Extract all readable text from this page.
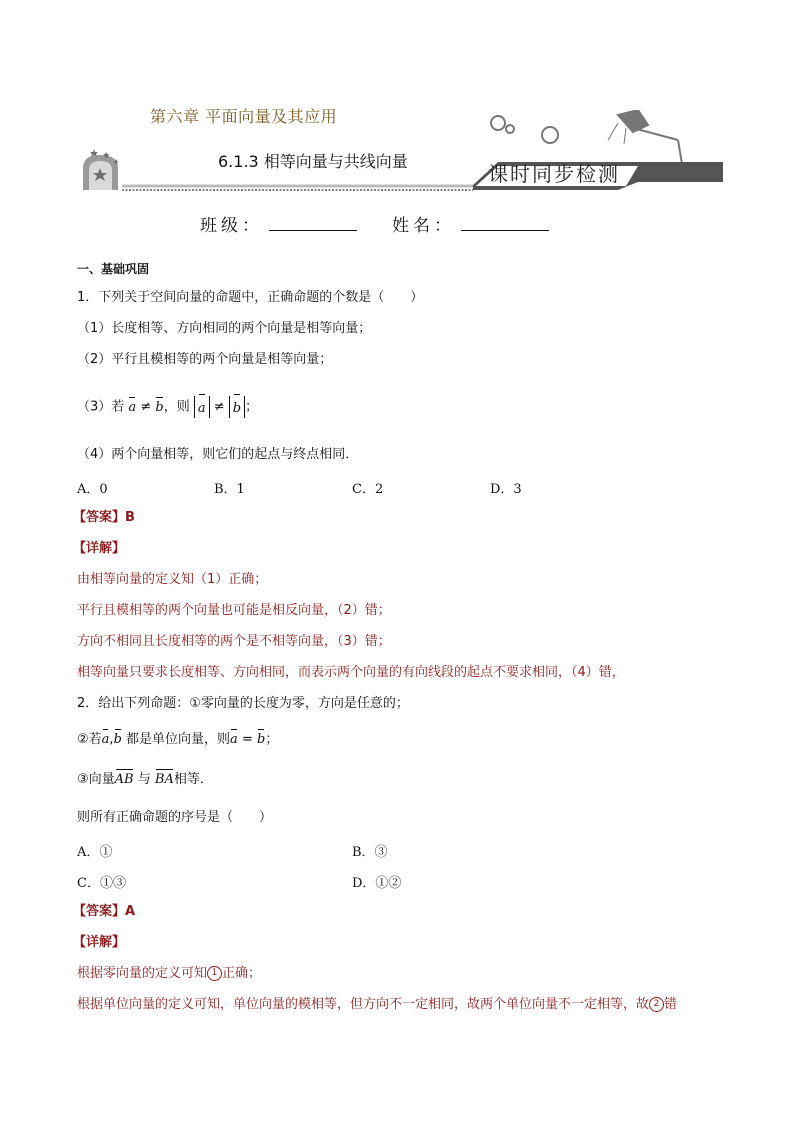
第六章 平面向量及其应用
课时同步检测
6.1.3 相等向量与共线向量
班级：	姓名：
一、基础巩固
1．下列关于空间向量的命题中，正确命题的个数是（　　）
（1）长度相等、方向相同的两个向量是相等向量；
（2）平行且模相等的两个向量是相等向量；
（3）若 a ≠ b，则 a ≠ b ；
（4）两个向量相等，则它们的起点与终点相同．
A．0	B．1	C．2	D．3
【答案】B
【详解】
由相等向量的定义知（1）正确；
平行且模相等的两个向量也可能是相反向量，（2）错；
方向不相同且长度相等的两个是不相等向量，（3）错；
相等向量只要求长度相等、方向相同，而表示两个向量的有向线段的起点不要求相同，（4）错，
2．给出下列命题：①零向量的长度为零，方向是任意的；
②若a,b 都是单位向量，则a = b；
③向量AB 与 BA相等．
则所有正确命题的序号是（　　）
A．①	B．③
C．①③	D．①②
【答案】A
【详解】
根据零向量的定义可知 1 正确；
根据单位向量的定义可知，单位向量的模相等，但方向不一定相同，故两个单位向量不一定相等，故 2 错
